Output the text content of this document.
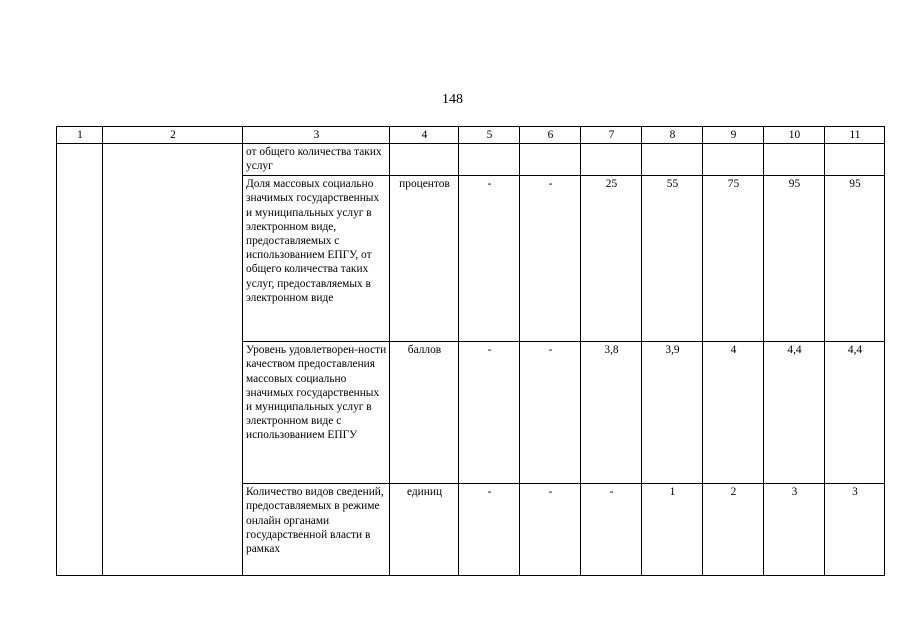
148
1	2	3	4	5	6	7	8	9	10	11
		от общего количества таких услуг								
		Доля массовых социально значимых государственных и муниципальных услуг в электронном виде, предоставляемых с использованием ЕПГУ, от общего количества таких услуг, предоставляемых в электронном виде	процентов	-	-	25	55	75	95	95
		Уровень удовлетворен-ности качеством предоставления массовых социально значимых государственных и муниципальных услуг в электронном виде с использованием ЕПГУ	баллов	-	-	3,8	3,9	4	4,4	4,4
		Количество видов сведений, предоставляемых в режиме онлайн органами государственной власти в рамках	единиц	-	-	-	1	2	3	3
